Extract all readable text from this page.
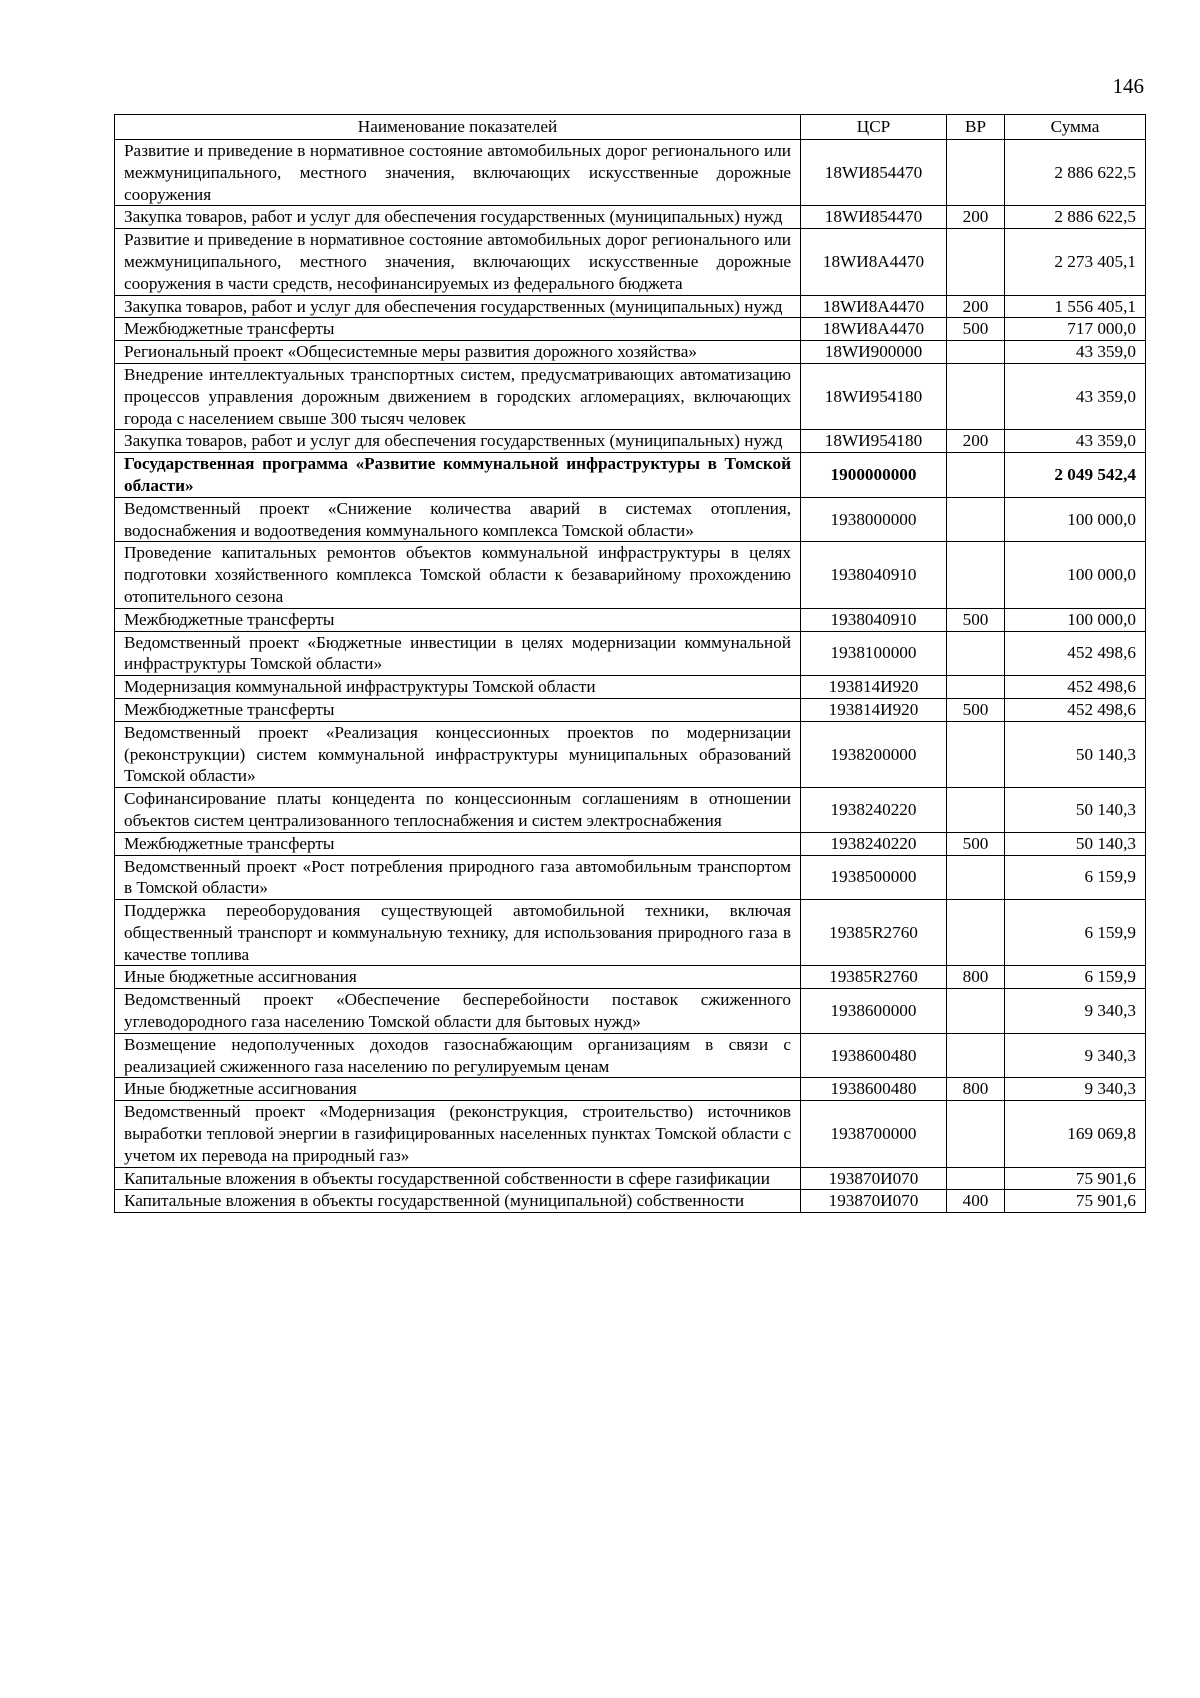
146
Наименование показателей	ЦСР	ВР	Сумма
Развитие и приведение в нормативное состояние автомобильных дорог регионального или межмуниципального, местного значения, включающих искусственные дорожные сооружения	18WИ854470		2 886 622,5
Закупка товаров, работ и услуг для обеспечения государственных (муниципальных) нужд	18WИ854470	200	2 886 622,5
Развитие и приведение в нормативное состояние автомобильных дорог регионального или межмуниципального, местного значения, включающих искусственные дорожные сооружения в части средств, несофинансируемых из федерального бюджета	18WИ8А4470		2 273 405,1
Закупка товаров, работ и услуг для обеспечения государственных (муниципальных) нужд	18WИ8А4470	200	1 556 405,1
Межбюджетные трансферты	18WИ8А4470	500	717 000,0
Региональный проект «Общесистемные меры развития дорожного хозяйства»	18WИ900000		43 359,0
Внедрение интеллектуальных транспортных систем, предусматривающих автоматизацию процессов управления дорожным движением в городских агломерациях, включающих города с населением свыше 300 тысяч человек	18WИ954180		43 359,0
Закупка товаров, работ и услуг для обеспечения государственных (муниципальных) нужд	18WИ954180	200	43 359,0
Государственная программа «Развитие коммунальной инфраструктуры в Томской области»	1900000000		2 049 542,4
Ведомственный проект «Снижение количества аварий в системах отопления, водоснабжения и водоотведения коммунального комплекса Томской области»	1938000000		100 000,0
Проведение капитальных ремонтов объектов коммунальной инфраструктуры в целях подготовки хозяйственного комплекса Томской области к безаварийному прохождению отопительного сезона	1938040910		100 000,0
Межбюджетные трансферты	1938040910	500	100 000,0
Ведомственный проект «Бюджетные инвестиции в целях модернизации коммунальной инфраструктуры Томской области»	1938100000		452 498,6
Модернизация коммунальной инфраструктуры Томской области	193814И920		452 498,6
Межбюджетные трансферты	193814И920	500	452 498,6
Ведомственный проект «Реализация концессионных проектов по модернизации (реконструкции) систем коммунальной инфраструктуры муниципальных образований Томской области»	1938200000		50 140,3
Софинансирование платы концедента по концессионным соглашениям в отношении объектов систем централизованного теплоснабжения и систем электроснабжения	1938240220		50 140,3
Межбюджетные трансферты	1938240220	500	50 140,3
Ведомственный проект «Рост потребления природного газа автомобильным транспортом в Томской области»	1938500000		6 159,9
Поддержка переоборудования существующей автомобильной техники, включая общественный транспорт и коммунальную технику, для использования природного газа в качестве топлива	19385R2760		6 159,9
Иные бюджетные ассигнования	19385R2760	800	6 159,9
Ведомственный проект «Обеспечение бесперебойности поставок сжиженного углеводородного газа населению Томской области для бытовых нужд»	1938600000		9 340,3
Возмещение недополученных доходов газоснабжающим организациям в связи с реализацией сжиженного газа населению по регулируемым ценам	1938600480		9 340,3
Иные бюджетные ассигнования	1938600480	800	9 340,3
Ведомственный проект «Модернизация (реконструкция, строительство) источников выработки тепловой энергии в газифицированных населенных пунктах Томской области с учетом их перевода на природный газ»	1938700000		169 069,8
Капитальные вложения в объекты государственной собственности в сфере газификации	193870И070		75 901,6
Капитальные вложения в объекты государственной (муниципальной) собственности	193870И070	400	75 901,6
